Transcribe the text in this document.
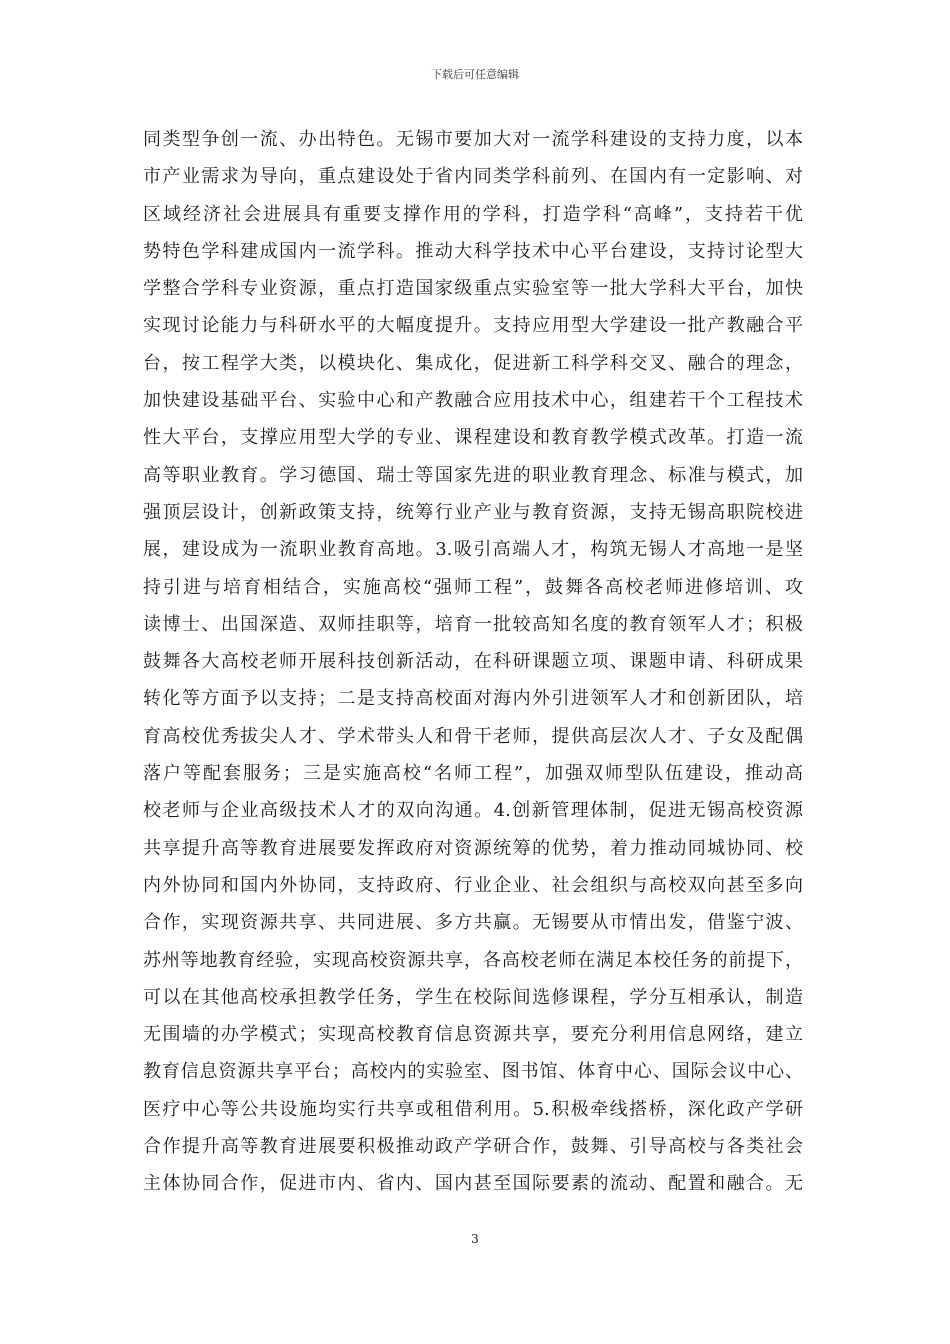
下载后可任意编辑
同类型争创一流、办出特色。无锡市要加大对一流学科建设的支持力度，以本
市产业需求为导向，重点建设处于省内同类学科前列、在国内有一定影响、对
区域经济社会进展具有重要支撑作用的学科，打造学科“高峰”，支持若干优
势特色学科建成国内一流学科。推动大科学技术中心平台建设，支持讨论型大
学整合学科专业资源，重点打造国家级重点实验室等一批大学科大平台，加快
实现讨论能力与科研水平的大幅度提升。支持应用型大学建设一批产教融合平
台，按工程学大类，以模块化、集成化，促进新工科学科交叉、融合的理念，
加快建设基础平台、实验中心和产教融合应用技术中心，组建若干个工程技术
性大平台，支撑应用型大学的专业、课程建设和教育教学模式改革。打造一流
高等职业教育。学习德国、瑞士等国家先进的职业教育理念、标准与模式，加
强顶层设计，创新政策支持，统筹行业产业与教育资源，支持无锡高职院校进
展，建设成为一流职业教育高地。3.吸引高端人才，构筑无锡人才高地一是坚
持引进与培育相结合，实施高校“强师工程”，鼓舞各高校老师进修培训、攻
读博士、出国深造、双师挂职等，培育一批较高知名度的教育领军人才；积极
鼓舞各大高校老师开展科技创新活动，在科研课题立项、课题申请、科研成果
转化等方面予以支持；二是支持高校面对海内外引进领军人才和创新团队，培
育高校优秀拔尖人才、学术带头人和骨干老师，提供高层次人才、子女及配偶
落户等配套服务；三是实施高校“名师工程”，加强双师型队伍建设，推动高
校老师与企业高级技术人才的双向沟通。4.创新管理体制，促进无锡高校资源
共享提升高等教育进展要发挥政府对资源统筹的优势，着力推动同城协同、校
内外协同和国内外协同，支持政府、行业企业、社会组织与高校双向甚至多向
合作，实现资源共享、共同进展、多方共赢。无锡要从市情出发，借鉴宁波、
苏州等地教育经验，实现高校资源共享，各高校老师在满足本校任务的前提下，
可以在其他高校承担教学任务，学生在校际间选修课程，学分互相承认，制造
无围墙的办学模式；实现高校教育信息资源共享，要充分利用信息网络，建立
教育信息资源共享平台；高校内的实验室、图书馆、体育中心、国际会议中心、
医疗中心等公共设施均实行共享或租借利用。5.积极牵线搭桥，深化政产学研
合作提升高等教育进展要积极推动政产学研合作，鼓舞、引导高校与各类社会
主体协同合作，促进市内、省内、国内甚至国际要素的流动、配置和融合。无
3
